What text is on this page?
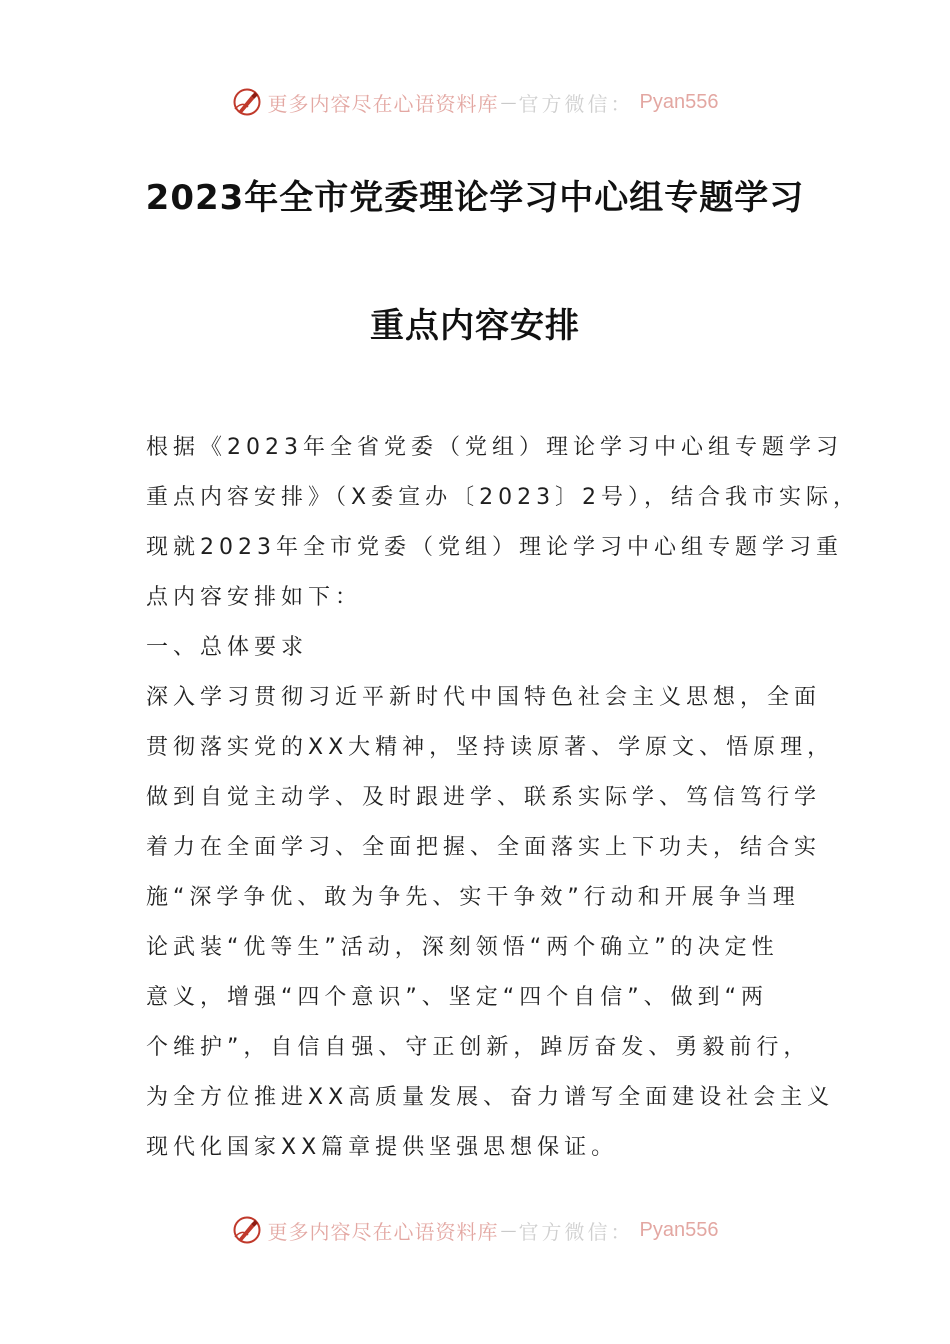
更多内容尽在心语资料库 — 官方微信： Pyan556
2023年全市党委理论学习中心组专题学习
重点内容安排
根据《2023年全省党委（党组）理论学习中心组专题学习
重点内容安排》（X委宣办〔2023〕2号），结合我市实际，
现就2023年全市党委（党组）理论学习中心组专题学习重
点内容安排如下：
一、总体要求
深入学习贯彻习近平新时代中国特色社会主义思想，全面
贯彻落实党的XX大精神，坚持读原著、学原文、悟原理，
做到自觉主动学、及时跟进学、联系实际学、笃信笃行学
着力在全面学习、全面把握、全面落实上下功夫，结合实
施“深学争优、敢为争先、实干争效”行动和开展争当理
论武装“优等生”活动，深刻领悟“两个确立”的决定性
意义，增强“四个意识”、坚定“四个自信”、做到“两
个维护”，自信自强、守正创新，踔厉奋发、勇毅前行，
为全方位推进XX高质量发展、奋力谱写全面建设社会主义
现代化国家XX篇章提供坚强思想保证。
更多内容尽在心语资料库 — 官方微信： Pyan556
